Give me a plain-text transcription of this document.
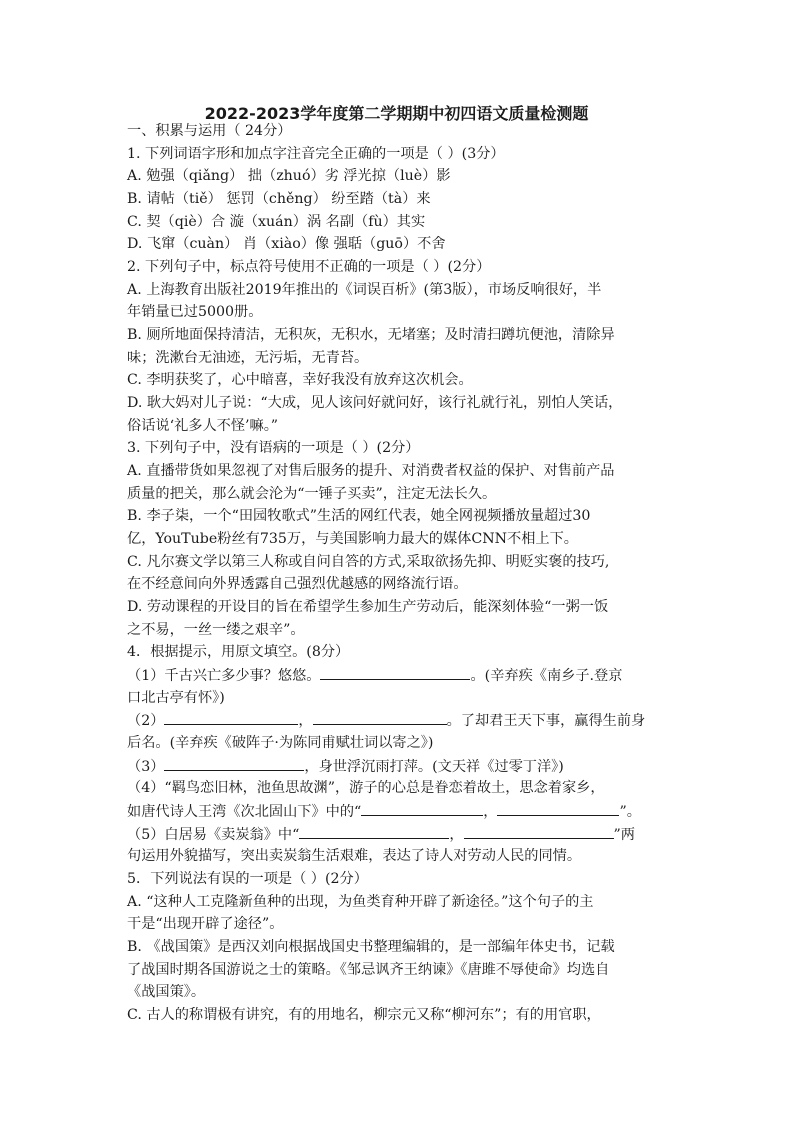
2022-2023学年度第二学期期中初四语文质量检测题
一、积累与运用（ 24分）
1. 下列词语字形和加点字注音完全正确的一项是（ ）(3分）
A. 勉强（qiǎng） 拙（zhuó）劣 浮光掠（luè）影
B. 请帖（tiě） 惩罚（chěng） 纷至踏（tà）来
C. 契（qiè）合 漩（xuán）涡 名副（fù）其实
D. 飞窜（cuàn） 肖（xiào）像 强聒（guō）不舍
2. 下列句子中，标点符号使用不正确的一项是（ ）(2分）
A. 上海教育出版社2019年推出的《词误百析》(第3版），市场反响很好，半
年销量已过5000册。
B. 厕所地面保持清洁，无积灰，无积水，无堵塞；及时清扫蹲坑便池，清除异
味；洗漱台无油迹，无污垢，无青苔。
C. 李明获奖了，心中暗喜，幸好我没有放弃这次机会。
D. 耿大妈对儿子说：“大成，见人该问好就问好，该行礼就行礼，别怕人笑话，
俗话说‘礼多人不怪’嘛。”
3. 下列句子中，没有语病的一项是（ ）(2分）
A. 直播带货如果忽视了对售后服务的提升、对消费者权益的保护、对售前产品
质量的把关，那么就会沦为“一锤子买卖”，注定无法长久。
B. 李子柒，一个“田园牧歌式”生活的网红代表，她全网视频播放量超过30
亿，YouTube粉丝有735万，与美国影响力最大的媒体CNN不相上下。
C. 凡尔赛文学以第三人称或自问自答的方式,采取欲扬先抑、明贬实褒的技巧,
在不经意间向外界透露自己强烈优越感的网络流行语。
D. 劳动课程的开设目的旨在希望学生参加生产劳动后，能深刻体验“一粥一饭
之不易，一丝一缕之艰辛”。
4．根据提示，用原文填空。(8分）
（1）千古兴亡多少事？悠悠。	。(辛弃疾《南乡子.登京
口北古亭有怀》)
（2）	，	。了却君王天下事，赢得生前身
后名。(辛弃疾《破阵子·为陈同甫赋壮词以寄之》)
（3）	，身世浮沉雨打萍。(文天祥《过零丁洋》)
（4）“羁鸟恋旧林，池鱼思故渊”，游子的心总是眷恋着故土，思念着家乡，
如唐代诗人王湾《次北固山下》中的“	，	”。
（5）白居易《卖炭翁》中“	，	”两
句运用外貌描写，突出卖炭翁生活艰难，表达了诗人对劳动人民的同情。
5．下列说法有误的一项是（ ）(2分）
A. “这种人工克隆新鱼种的出现，为鱼类育种开辟了新途径。”这个句子的主
干是“出现开辟了途径”。
B. 《战国策》是西汉刘向根据战国史书整理编辑的，是一部编年体史书，记载
了战国时期各国游说之士的策略。《邹忌讽齐王纳谏》《唐雎不辱使命》均选自
《战国策》。
C. 古人的称谓极有讲究，有的用地名，柳宗元又称“柳河东”；有的用官职，
